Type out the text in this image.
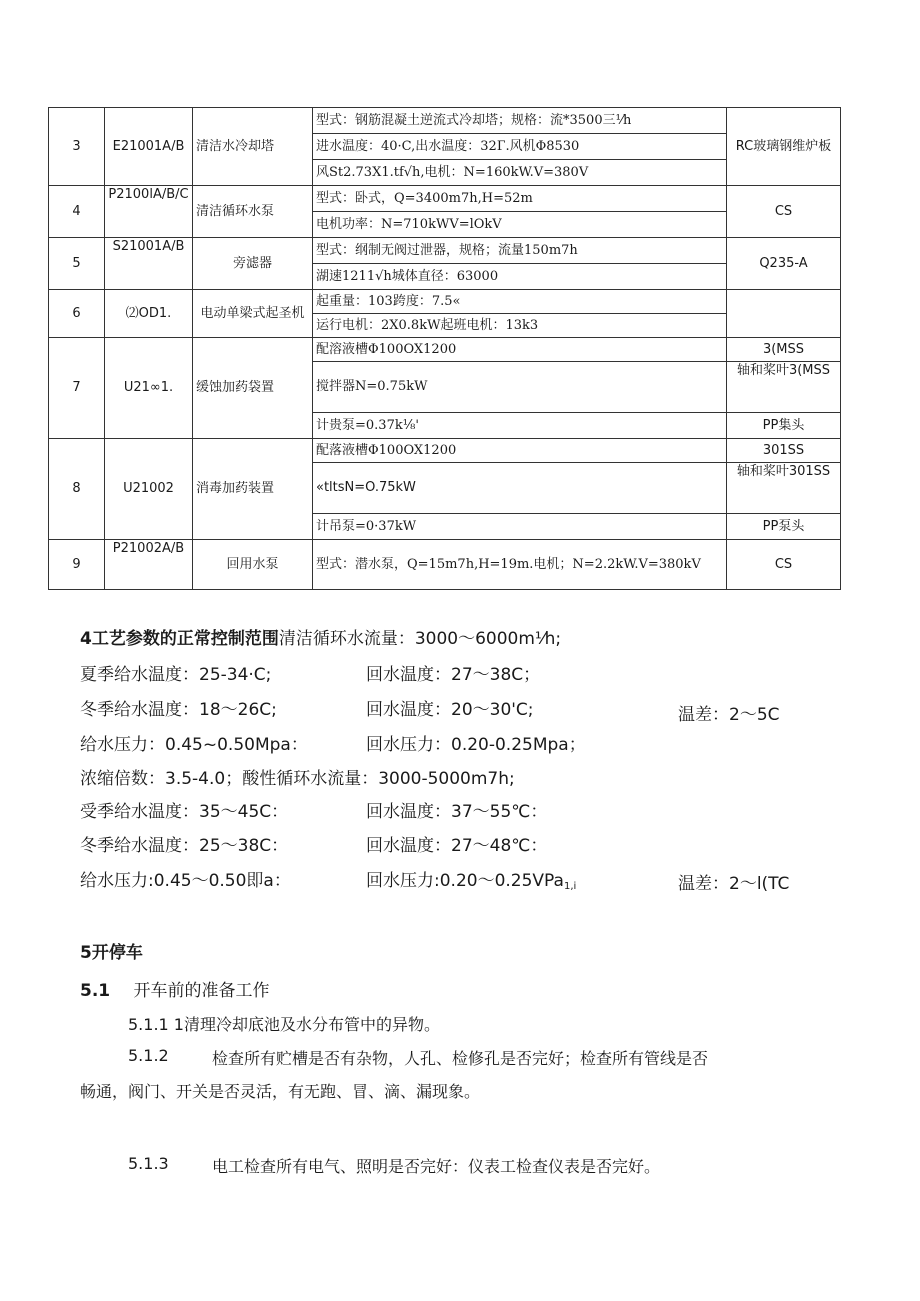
3	E21001A/B	清洁水冷却塔	型式：钢筋混凝土逆流式冷却塔；规格：流*3500三⅟h	RC玻璃钢维炉板
			进水温度：40·C,出水温度：32Г.风机Φ8530	
			风St2.73X1.tf√h,电机：N=160kW.V=380V	
4	P2100lA/B/C	清洁循环水泵	型式：卧式，Q=3400m7h,H=52m	CS
			电机功率：N=710kWV=lOkV	
5	S21001A/B	旁滤器	型式：纲制无阀过泄器，规格；流量150m7h	Q235-A
			湖速1211√h城体直径：63000	
6	⑵OD1.	电动单梁式起圣机	起重量：103跨度：7.5«	
			运行电机：2X0.8kW起班电机：13k3	
7	U21∞1.	缓蚀加药袋置	配溶液槽Φ100OX1200	3(MSS
			搅拌器N=0.75kW	轴和桨叶3(MSS
			计贵泵=0.37k⅛'	PP集头
8	U21002	消毒加药装置	配落液槽Φ100OX1200	301SS
			«tltsN=O.75kW	轴和桨叶301SS
			计吊泵=0·37kW	PP泵头
9	P21002A/B	回用水泵	型式：潜水泵，Q=15m7h,H=19m.电机；N=2.2kW.V=380kV	CS
4工艺参数的正常控制范围清洁循环水流量：3000～6000m⅟h;
夏季给水温度：25-34·C;	回水温度：27～38C；
冬季给水温度：18～26C;	回水温度：20～30'C;	温差：2～5C
给水压力：0.45~0.50Mpa：	回水压力：0.20-0.25Mpa；
浓缩倍数：3.5-4.0；酸性循环水流量：3000-5000m7h;
受季给水温度：35～45C：	回水温度：37～55℃：
冬季给水温度：25～38C：	回水温度：27～48℃：
给水压力:0.45～0.50即a：	回水压力:0.20～0.25VPa$_{1,i}$	温差：2～l(TC
5开停车
5.1 开车前的准备工作
5.1.1 1清理冷却底池及水分布管中的异物。
5.1.2	检查所有贮槽是否有杂物，人孔、检修孔是否完好；检查所有管线是否
畅通，阀门、开关是否灵活，有无跑、冒、滴、漏现象。
5.1.3	电工检查所有电气、照明是否完好：仪表工检查仪表是否完好。
